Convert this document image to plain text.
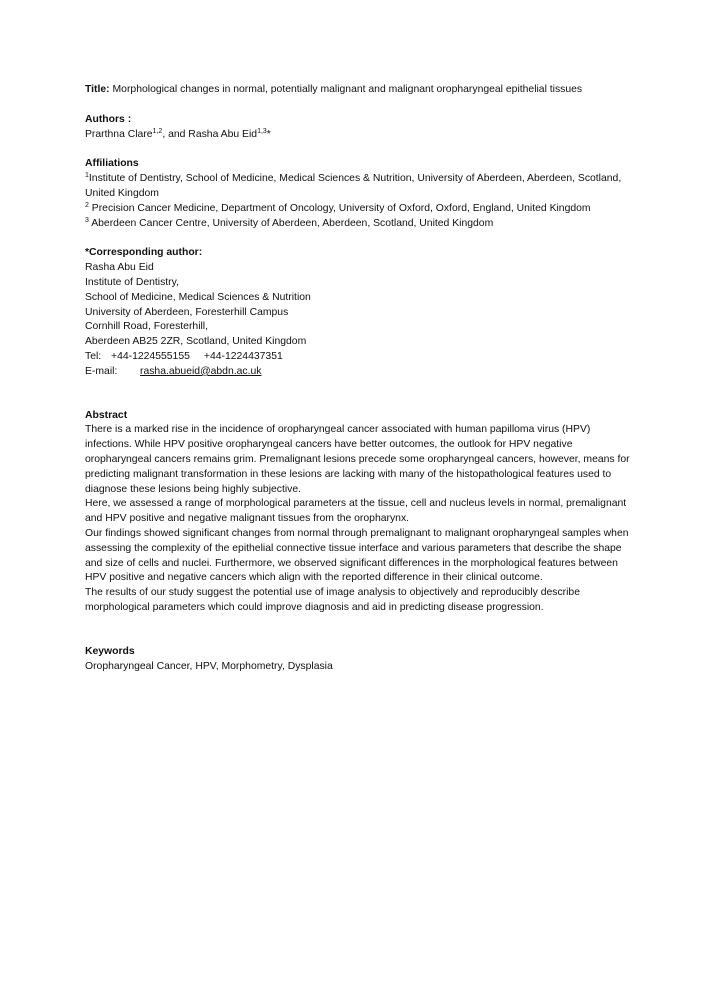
Title: Morphological changes in normal, potentially malignant and malignant oropharyngeal epithelial tissues

Authors :

Prarthna Clare$^{1,2}$, and Rasha Abu Eid$^{1,3}$*

Affiliations

$^1$Institute of Dentistry, School of Medicine, Medical Sciences & Nutrition, University of Aberdeen, Aberdeen, Scotland, United Kingdom

$^2$ Precision Cancer Medicine, Department of Oncology, University of Oxford, Oxford, England, United Kingdom

$^3$ Aberdeen Cancer Centre, University of Aberdeen, Aberdeen, Scotland, United Kingdom

*Corresponding author:

Rasha Abu Eid

Institute of Dentistry,

School of Medicine, Medical Sciences & Nutrition

University of Aberdeen, Foresterhill Campus

Cornhill Road, Foresterhill,

Aberdeen AB25 2ZR, Scotland, United Kingdom

Tel: +44-1224555155 +44-1224437351
E-mail:	rasha.abueid@abdn.ac.uk

Abstract

There is a marked rise in the incidence of oropharyngeal cancer associated with human papilloma virus (HPV) infections. While HPV positive oropharyngeal cancers have better outcomes, the outlook for HPV negative oropharyngeal cancers remains grim. Premalignant lesions precede some oropharyngeal cancers, however, means for predicting malignant transformation in these lesions are lacking with many of the histopathological features used to diagnose these lesions being highly subjective.

Here, we assessed a range of morphological parameters at the tissue, cell and nucleus levels in normal, premalignant and HPV positive and negative malignant tissues from the oropharynx.

Our findings showed significant changes from normal through premalignant to malignant oropharyngeal samples when assessing the complexity of the epithelial connective tissue interface and various parameters that describe the shape and size of cells and nuclei. Furthermore, we observed significant differences in the morphological features between HPV positive and negative cancers which align with the reported difference in their clinical outcome.

The results of our study suggest the potential use of image analysis to objectively and reproducibly describe morphological parameters which could improve diagnosis and aid in predicting disease progression.

Keywords

Oropharyngeal Cancer, HPV, Morphometry, Dysplasia
